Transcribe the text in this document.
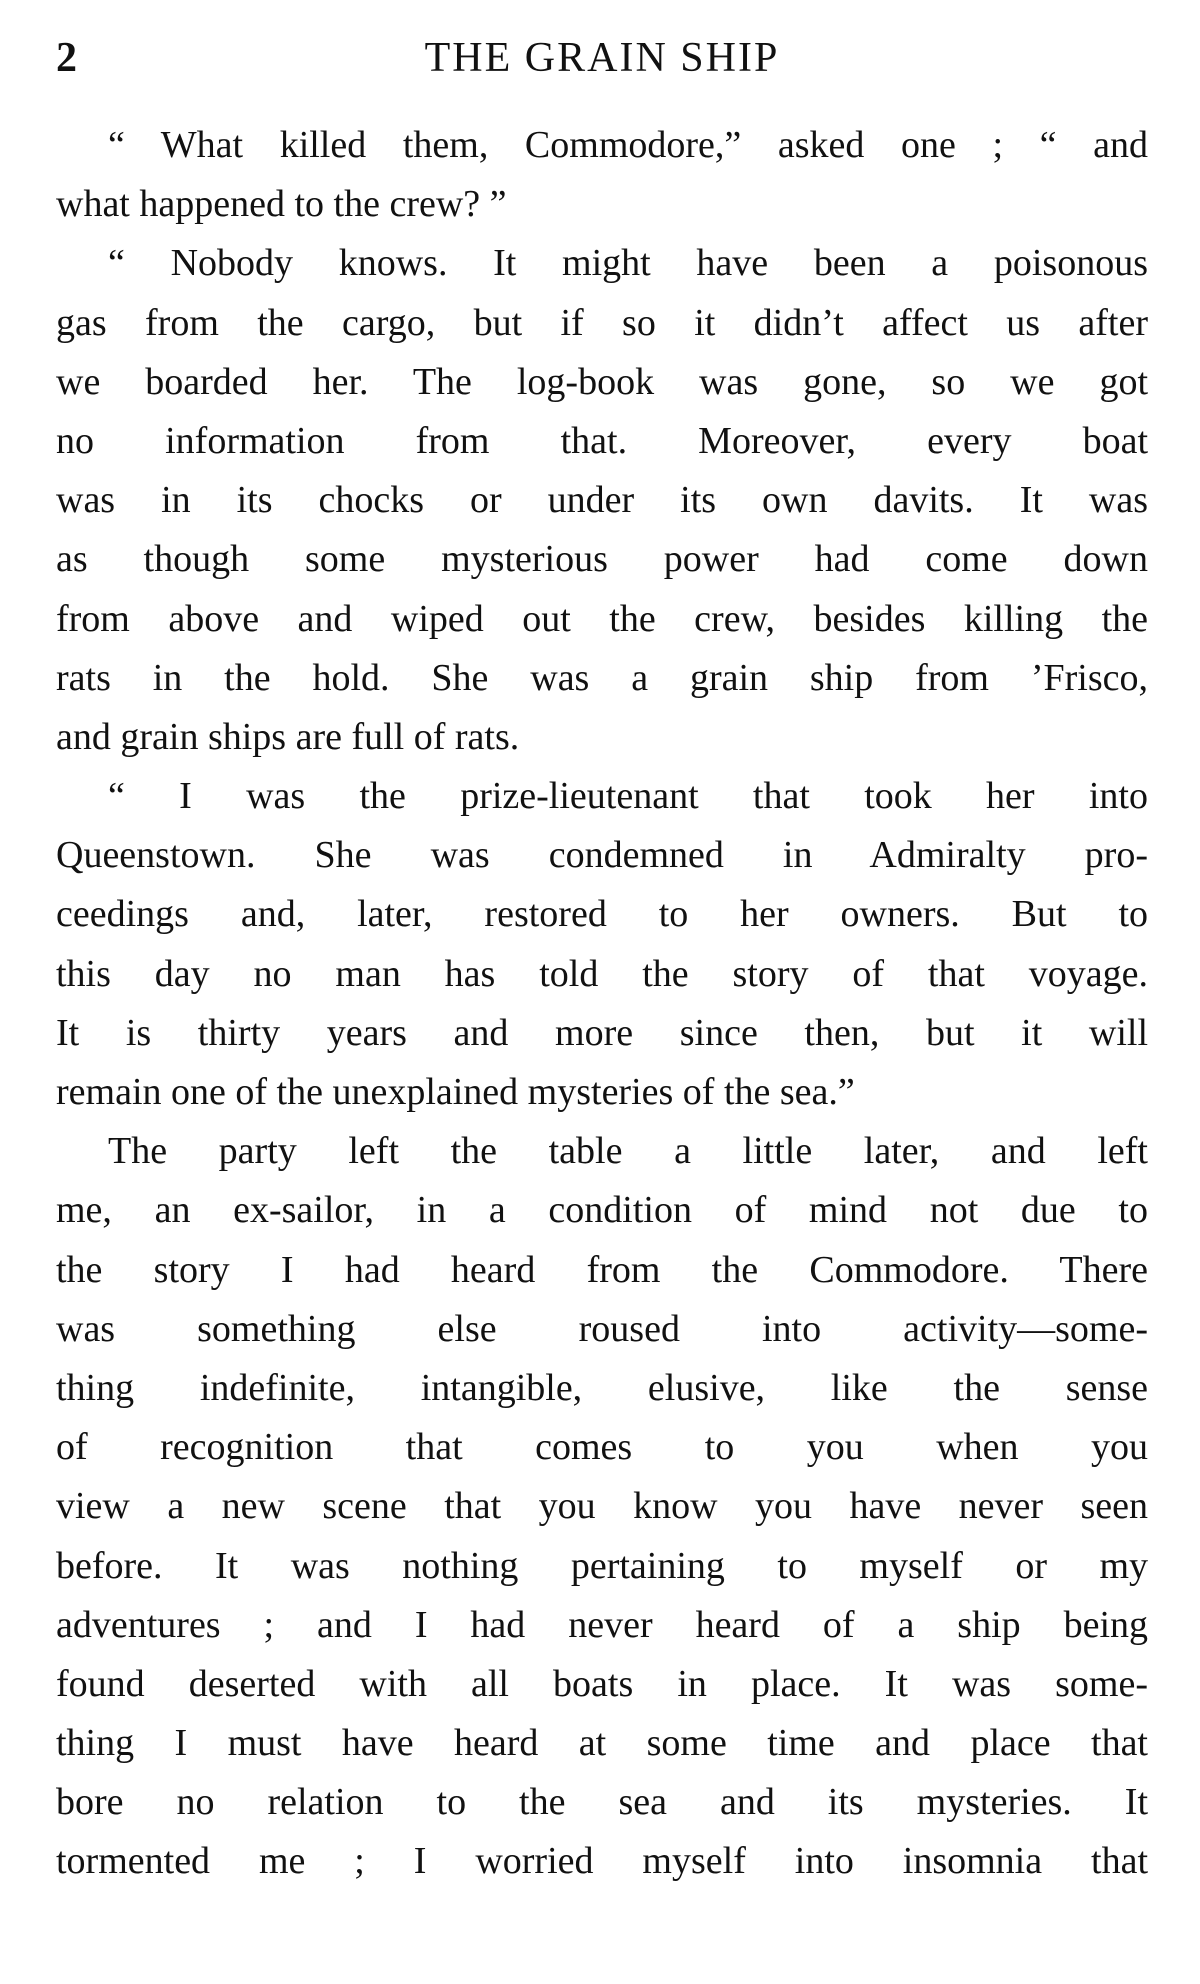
2	THE GRAIN SHIP
“ What killed them, Commodore,” asked one ; “ and
what happened to the crew? ”
“ Nobody knows. It might have been a poisonous
gas from the cargo, but if so it didn’t affect us after
we boarded her. The log-book was gone, so we got
no information from that. Moreover, every boat
was in its chocks or under its own davits. It was
as though some mysterious power had come down
from above and wiped out the crew, besides killing the
rats in the hold. She was a grain ship from ’Frisco,
and grain ships are full of rats.
“ I was the prize-lieutenant that took her into
Queenstown. She was condemned in Admiralty pro-
ceedings and, later, restored to her owners. But to
this day no man has told the story of that voyage.
It is thirty years and more since then, but it will
remain one of the unexplained mysteries of the sea.”
The party left the table a little later, and left
me, an ex-sailor, in a condition of mind not due to
the story I had heard from the Commodore. There
was something else roused into activity—some-
thing indefinite, intangible, elusive, like the sense
of recognition that comes to you when you
view a new scene that you know you have never seen
before. It was nothing pertaining to myself or my
adventures ; and I had never heard of a ship being
found deserted with all boats in place. It was some-
thing I must have heard at some time and place that
bore no relation to the sea and its mysteries. It
tormented me ; I worried myself into insomnia that
